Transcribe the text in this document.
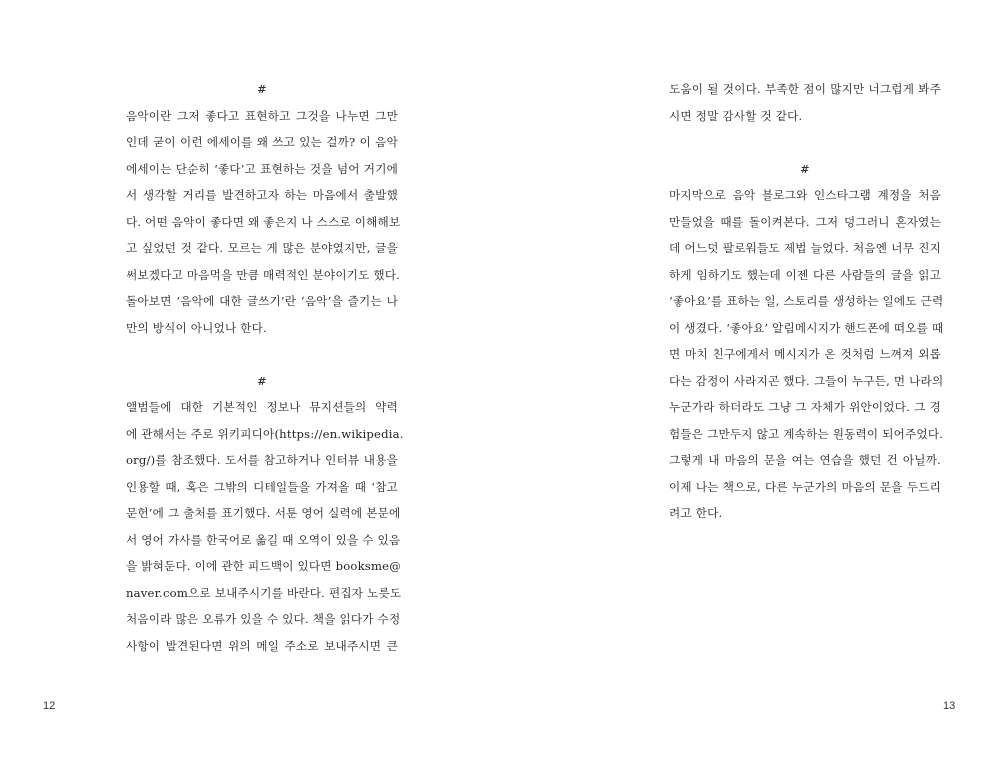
#
음악이란 그저 좋다고 표현하고 그것을 나누면 그만
인데 굳이 이런 에세이를 왜 쓰고 있는 걸까? 이 음악
에세이는 단순히 ‘좋다’고 표현하는 것을 넘어 거기에
서 생각할 거리를 발견하고자 하는 마음에서 출발했
다. 어떤 음악이 좋다면 왜 좋은지 나 스스로 이해해보
고 싶었던 것 같다. 모르는 게 많은 분야였지만, 글을
써보겠다고 마음먹을 만큼 매력적인 분야이기도 했다.
돌아보면 ‘음악에 대한 글쓰기’란 ‘음악’을 즐기는 나
만의 방식이 아니었나 한다.
#
앨범들에 대한 기본적인 정보나 뮤지션들의 약력
에 관해서는 주로 위키피디아(https://en.wikipedia.
org/)를 참조했다. 도서를 참고하거나 인터뷰 내용을
인용할 때, 혹은 그밖의 디테일들을 가져올 때 ‘참고
문헌’에 그 출처를 표기했다. 서툰 영어 실력에 본문에
서 영어 가사를 한국어로 옮길 때 오역이 있을 수 있음
을 밝혀둔다. 이에 관한 피드백이 있다면 booksme@
naver.com으로 보내주시기를 바란다. 편집자 노릇도
처음이라 많은 오류가 있을 수 있다. 책을 읽다가 수정
사항이 발견된다면 위의 메일 주소로 보내주시면 큰
12
도움이 될 것이다. 부족한 점이 많지만 너그럽게 봐주
시면 정말 감사할 것 같다.
#
마지막으로 음악 블로그와 인스타그램 계정을 처음
만들었을 때를 돌이켜본다. 그저 덩그러니 혼자였는
데 어느덧 팔로워들도 제법 늘었다. 처음엔 너무 진지
하게 임하기도 했는데 이젠 다른 사람들의 글을 읽고
‘좋아요’를 표하는 일, 스토리를 생성하는 일에도 근력
이 생겼다. ‘좋아요’ 알림메시지가 핸드폰에 떠오를 때
면 마치 친구에게서 메시지가 온 것처럼 느껴져 외롭
다는 감정이 사라지곤 했다. 그들이 누구든, 먼 나라의
누군가라 하더라도 그냥 그 자체가 위안이었다. 그 경
험들은 그만두지 않고 계속하는 원동력이 되어주었다.
그렇게 내 마음의 문을 여는 연습을 했던 건 아닐까.
이제 나는 책으로, 다른 누군가의 마음의 문을 두드리
려고 한다.
13
